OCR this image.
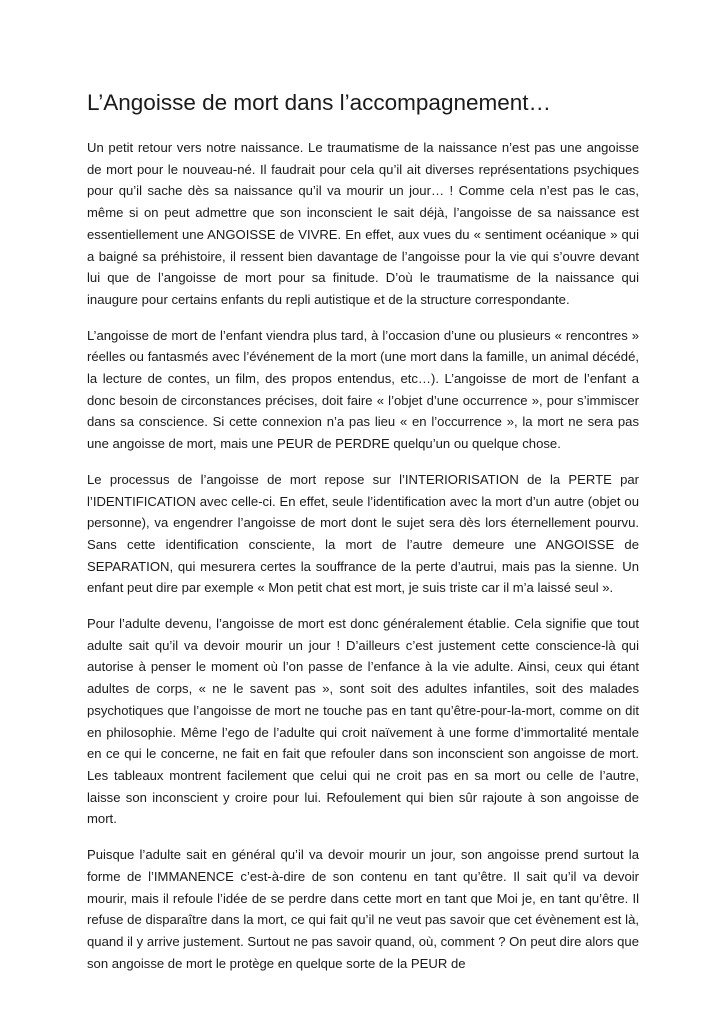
L’Angoisse de mort dans l’accompagnement…

Un petit retour vers notre naissance. Le traumatisme de la naissance n’est pas une angoisse de mort pour le nouveau-né. Il faudrait pour cela qu’il ait diverses représentations psychiques pour qu’il sache dès sa naissance qu’il va mourir un jour… ! Comme cela n’est pas le cas, même si on peut admettre que son inconscient le sait déjà, l’angoisse de sa naissance est essentiellement une ANGOISSE de VIVRE. En effet, aux vues du « sentiment océanique » qui a baigné sa préhistoire, il ressent bien davantage de l’angoisse pour la vie qui s’ouvre devant lui que de l’angoisse de mort pour sa finitude. D’où le traumatisme de la naissance qui inaugure pour certains enfants du repli autistique et de la structure correspondante.

L’angoisse de mort de l’enfant viendra plus tard, à l’occasion d’une ou plusieurs « rencontres » réelles ou fantasmés avec l’événement de la mort (une mort dans la famille, un animal décédé, la lecture de contes, un film, des propos entendus, etc…). L’angoisse de mort de l’enfant a donc besoin de circonstances précises, doit faire « l’objet d’une occurrence », pour s’immiscer dans sa conscience. Si cette connexion n’a pas lieu « en l’occurrence », la mort ne sera pas une angoisse de mort, mais une PEUR de PERDRE quelqu’un ou quelque chose.

Le processus de l’angoisse de mort repose sur l’INTERIORISATION de la PERTE par l’IDENTIFICATION avec celle-ci. En effet, seule l’identification avec la mort d’un autre (objet ou personne), va engendrer l’angoisse de mort dont le sujet sera dès lors éternellement pourvu. Sans cette identification consciente, la mort de l’autre demeure une ANGOISSE de SEPARATION, qui mesurera certes la souffrance de la perte d’autrui, mais pas la sienne. Un enfant peut dire par exemple « Mon petit chat est mort, je suis triste car il m’a laissé seul ».

Pour l’adulte devenu, l’angoisse de mort est donc généralement établie. Cela signifie que tout adulte sait qu’il va devoir mourir un jour ! D’ailleurs c’est justement cette conscience-là qui autorise à penser le moment où l’on passe de l’enfance à la vie adulte. Ainsi, ceux qui étant adultes de corps, « ne le savent pas », sont soit des adultes infantiles, soit des malades psychotiques que l’angoisse de mort ne touche pas en tant qu’être-pour-la-mort, comme on dit en philosophie. Même l’ego de l’adulte qui croit naïvement à une forme d’immortalité mentale en ce qui le concerne, ne fait en fait que refouler dans son inconscient son angoisse de mort. Les tableaux montrent facilement que celui qui ne croit pas en sa mort ou celle de l’autre, laisse son inconscient y croire pour lui. Refoulement qui bien sûr rajoute à son angoisse de mort.

Puisque l’adulte sait en général qu’il va devoir mourir un jour, son angoisse prend surtout la forme de l’IMMANENCE c’est-à-dire de son contenu en tant qu’être. Il sait qu’il va devoir mourir, mais il refoule l’idée de se perdre dans cette mort en tant que Moi je, en tant qu’être. Il refuse de disparaître dans la mort, ce qui fait qu’il ne veut pas savoir que cet évènement est là, quand il y arrive justement. Surtout ne pas savoir quand, où, comment ? On peut dire alors que son angoisse de mort le protège en quelque sorte de la PEUR de
